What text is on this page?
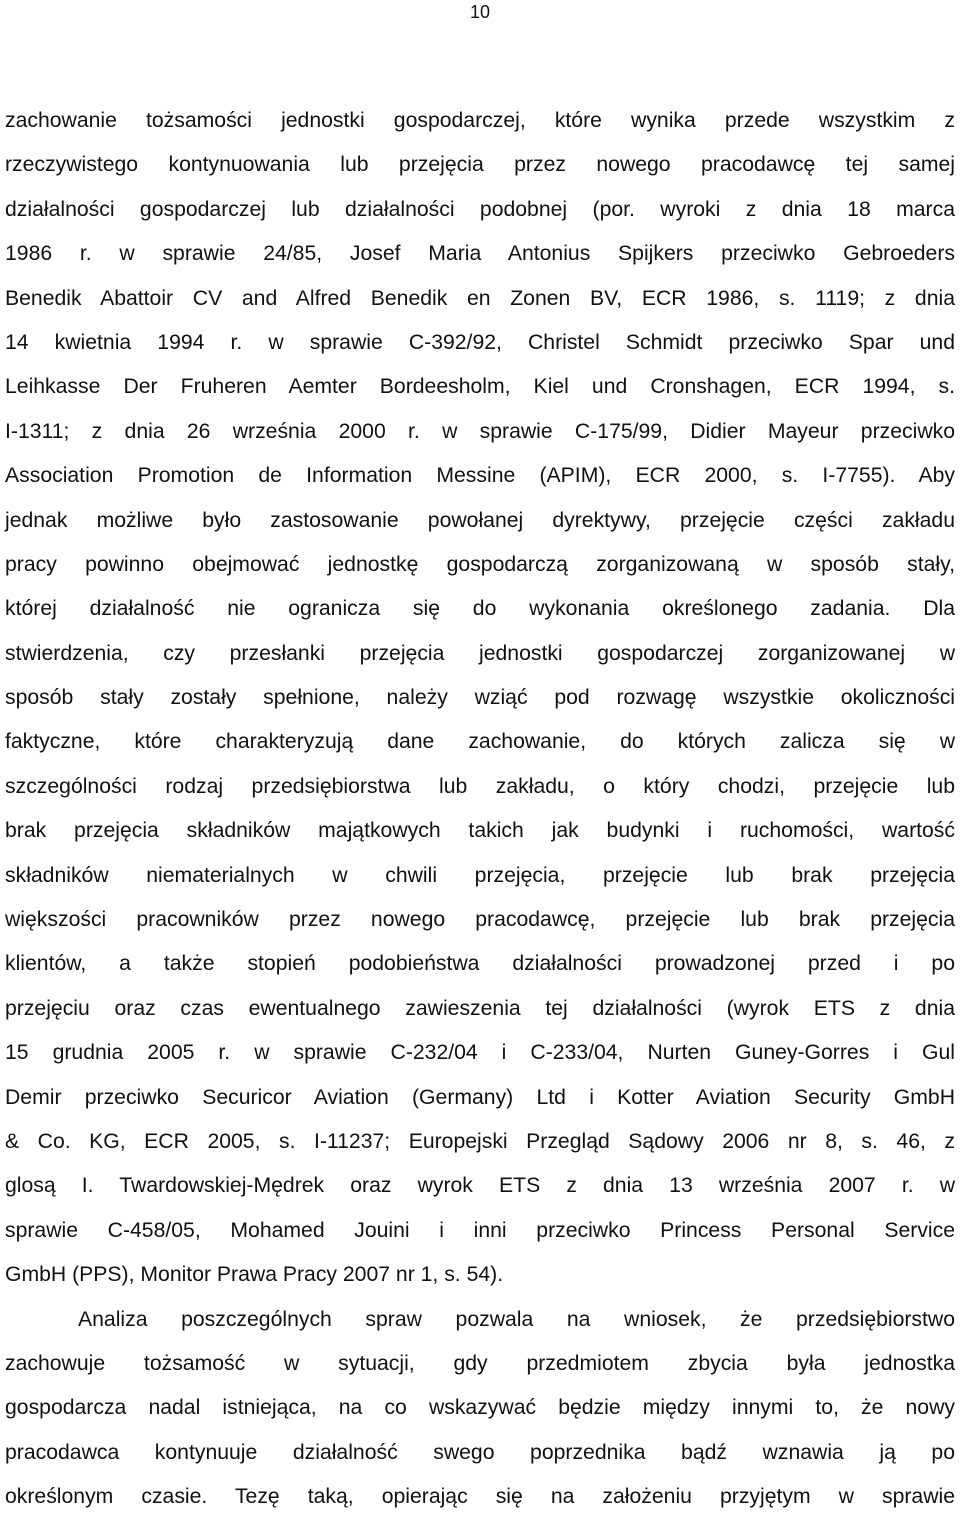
10
zachowanie tożsamości jednostki gospodarczej, które wynika przede wszystkim z
rzeczywistego kontynuowania lub przejęcia przez nowego pracodawcę tej samej
działalności gospodarczej lub działalności podobnej (por. wyroki z dnia 18 marca
1986 r. w sprawie 24/85, Josef Maria Antonius Spijkers przeciwko Gebroeders
Benedik Abattoir CV and Alfred Benedik en Zonen BV, ECR 1986, s. 1119; z dnia
14 kwietnia 1994 r. w sprawie C-392/92, Christel Schmidt przeciwko Spar und
Leihkasse Der Fruheren Aemter Bordeesholm, Kiel und Cronshagen, ECR 1994, s.
I-1311; z dnia 26 września 2000 r. w sprawie C-175/99, Didier Mayeur przeciwko
Association Promotion de Information Messine (APIM), ECR 2000, s. I-7755). Aby
jednak możliwe było zastosowanie powołanej dyrektywy, przejęcie części zakładu
pracy powinno obejmować jednostkę gospodarczą zorganizowaną w sposób stały,
której działalność nie ogranicza się do wykonania określonego zadania. Dla
stwierdzenia, czy przesłanki przejęcia jednostki gospodarczej zorganizowanej w
sposób stały zostały spełnione, należy wziąć pod rozwagę wszystkie okoliczności
faktyczne, które charakteryzują dane zachowanie, do których zalicza się w
szczególności rodzaj przedsiębiorstwa lub zakładu, o który chodzi, przejęcie lub
brak przejęcia składników majątkowych takich jak budynki i ruchomości, wartość
składników niematerialnych w chwili przejęcia, przejęcie lub brak przejęcia
większości pracowników przez nowego pracodawcę, przejęcie lub brak przejęcia
klientów, a także stopień podobieństwa działalności prowadzonej przed i po
przejęciu oraz czas ewentualnego zawieszenia tej działalności (wyrok ETS z dnia
15 grudnia 2005 r. w sprawie C-232/04 i C-233/04, Nurten Guney-Gorres i Gul
Demir przeciwko Securicor Aviation (Germany) Ltd i Kotter Aviation Security GmbH
& Co. KG, ECR 2005, s. I-11237; Europejski Przegląd Sądowy 2006 nr 8, s. 46, z
glosą I. Twardowskiej-Mędrek oraz wyrok ETS z dnia 13 września 2007 r. w
sprawie C-458/05, Mohamed Jouini i inni przeciwko Princess Personal Service
GmbH (PPS), Monitor Prawa Pracy 2007 nr 1, s. 54).
Analiza poszczególnych spraw pozwala na wniosek, że przedsiębiorstwo
zachowuje tożsamość w sytuacji, gdy przedmiotem zbycia była jednostka
gospodarcza nadal istniejąca, na co wskazywać będzie między innymi to, że nowy
pracodawca kontynuuje działalność swego poprzednika bądź wznawia ją po
określonym czasie. Tezę taką, opierając się na założeniu przyjętym w sprawie
